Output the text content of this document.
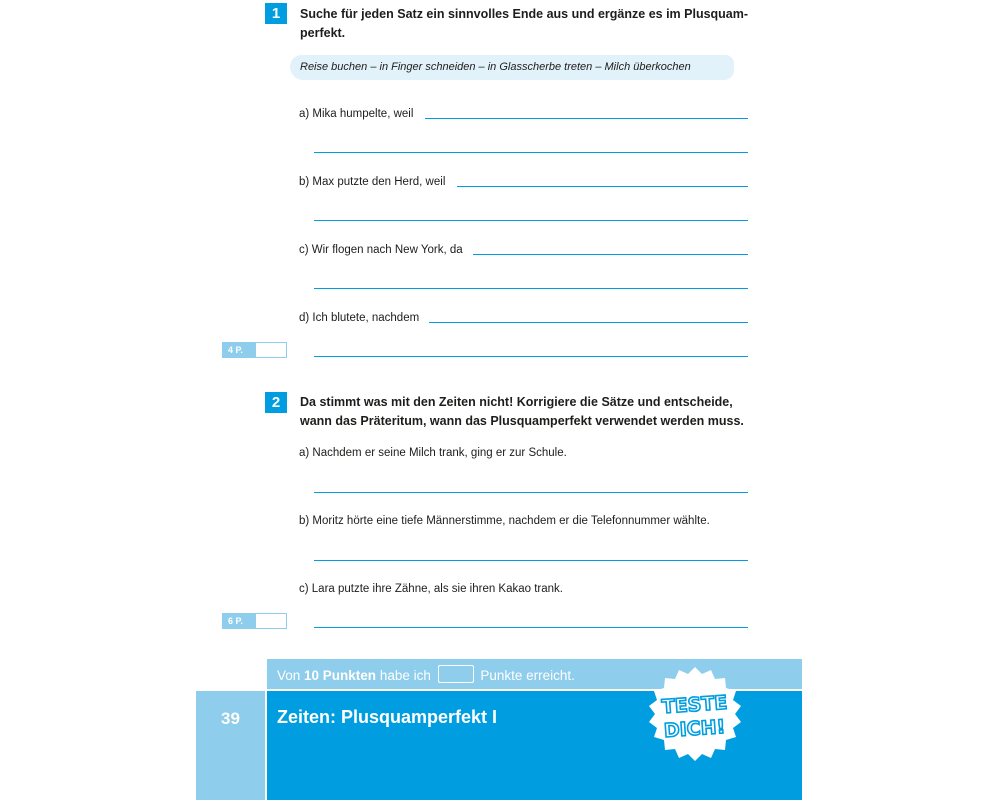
1	Suche für jeden Satz ein sinnvolles Ende aus und ergänze es im Plusquam-perfekt.
Reise buchen – in Finger schneiden – in Glasscherbe treten – Milch überkochen
a) Mika humpelte, weil
b) Max putzte den Herd, weil
c) Wir flogen nach New York, da
d) Ich blutete, nachdem
4 P.
2	Da stimmt was mit den Zeiten nicht! Korrigiere die Sätze und entscheide, wann das Präteritum, wann das Plusquamperfekt verwendet werden muss.
a) Nachdem er seine Milch trank, ging er zur Schule.
b) Moritz hörte eine tiefe Männerstimme, nachdem er die Telefonnummer wählte.
c) Lara putzte ihre Zähne, als sie ihren Kakao trank.
6 P.
Von 10 Punkten habe ich	Punkte erreicht.
39	Zeiten: Plusquamperfekt I	TESTE
DICH!
